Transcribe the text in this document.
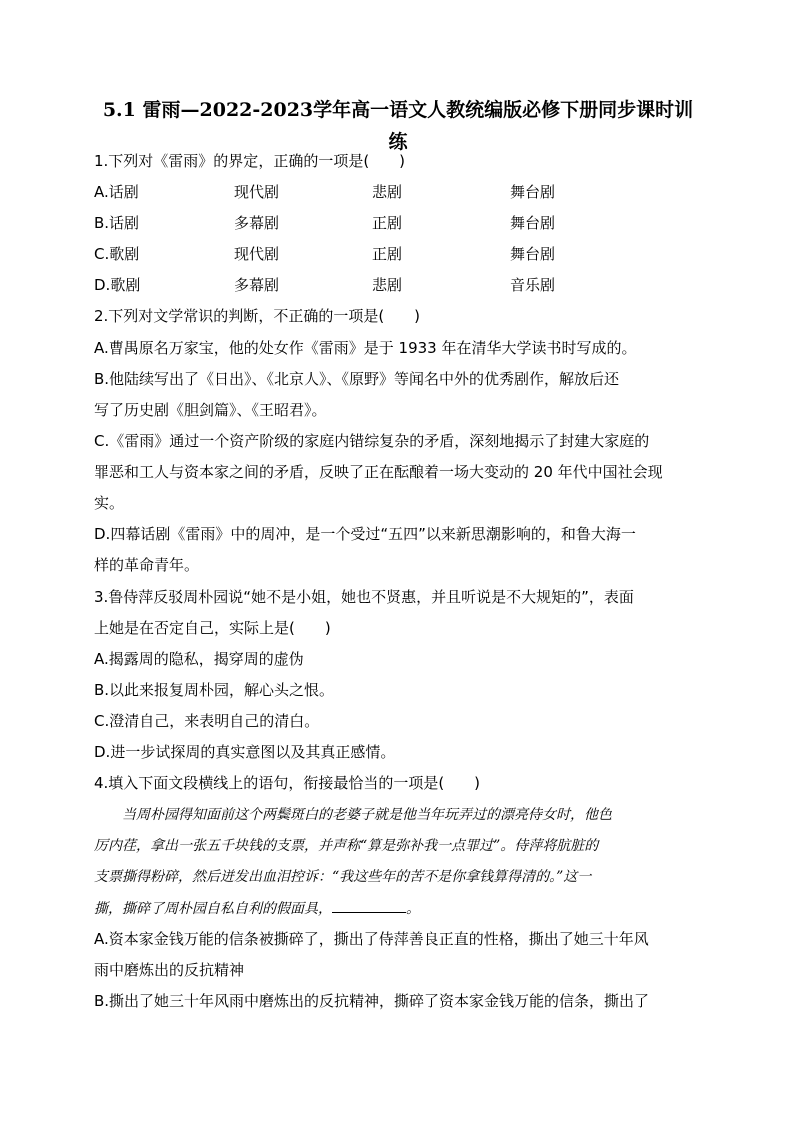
5.1 雷雨—2022-2023学年高一语文人教统编版必修下册同步课时训
练
1.下列对《雷雨》的界定，正确的一项是(　　)
A.话剧	现代剧	悲剧	舞台剧
B.话剧	多幕剧	正剧	舞台剧
C.歌剧	现代剧	正剧	舞台剧
D.歌剧	多幕剧	悲剧	音乐剧
2.下列对文学常识的判断，不正确的一项是(　　)
A.曹禺原名万家宝，他的处女作《雷雨》是于 1933 年在清华大学读书时写成的。
B.他陆续写出了《日出》、《北京人》、《原野》等闻名中外的优秀剧作，解放后还
写了历史剧《胆剑篇》、《王昭君》。
C.《雷雨》通过一个资产阶级的家庭内错综复杂的矛盾，深刻地揭示了封建大家庭的
罪恶和工人与资本家之间的矛盾，反映了正在酝酿着一场大变动的 20 年代中国社会现
实。
D.四幕话剧《雷雨》中的周冲，是一个受过“五四”以来新思潮影响的，和鲁大海一
样的革命青年。
3.鲁侍萍反驳周朴园说“她不是小姐，她也不贤惠，并且听说是不大规矩的”，表面
上她是在否定自己，实际上是(　　)
A.揭露周的隐私，揭穿周的虚伪
B.以此来报复周朴园，解心头之恨。
C.澄清自己，来表明自己的清白。
D.进一步试探周的真实意图以及其真正感情。
4.填入下面文段横线上的语句，衔接最恰当的一项是(　　)
当周朴园得知面前这个两鬓斑白的老婆子就是他当年玩弄过的漂亮侍女时，他色
厉内荏，拿出一张五千块钱的支票，并声称“算是弥补我一点罪过”。侍萍将肮脏的
支票撕得粉碎，然后迸发出血泪控诉：“我这些年的苦不是你拿钱算得清的。”这一
撕，撕碎了周朴园自私自利的假面具，	。
A.资本家金钱万能的信条被撕碎了，撕出了侍萍善良正直的性格，撕出了她三十年风
雨中磨炼出的反抗精神
B.撕出了她三十年风雨中磨炼出的反抗精神，撕碎了资本家金钱万能的信条，撕出了
